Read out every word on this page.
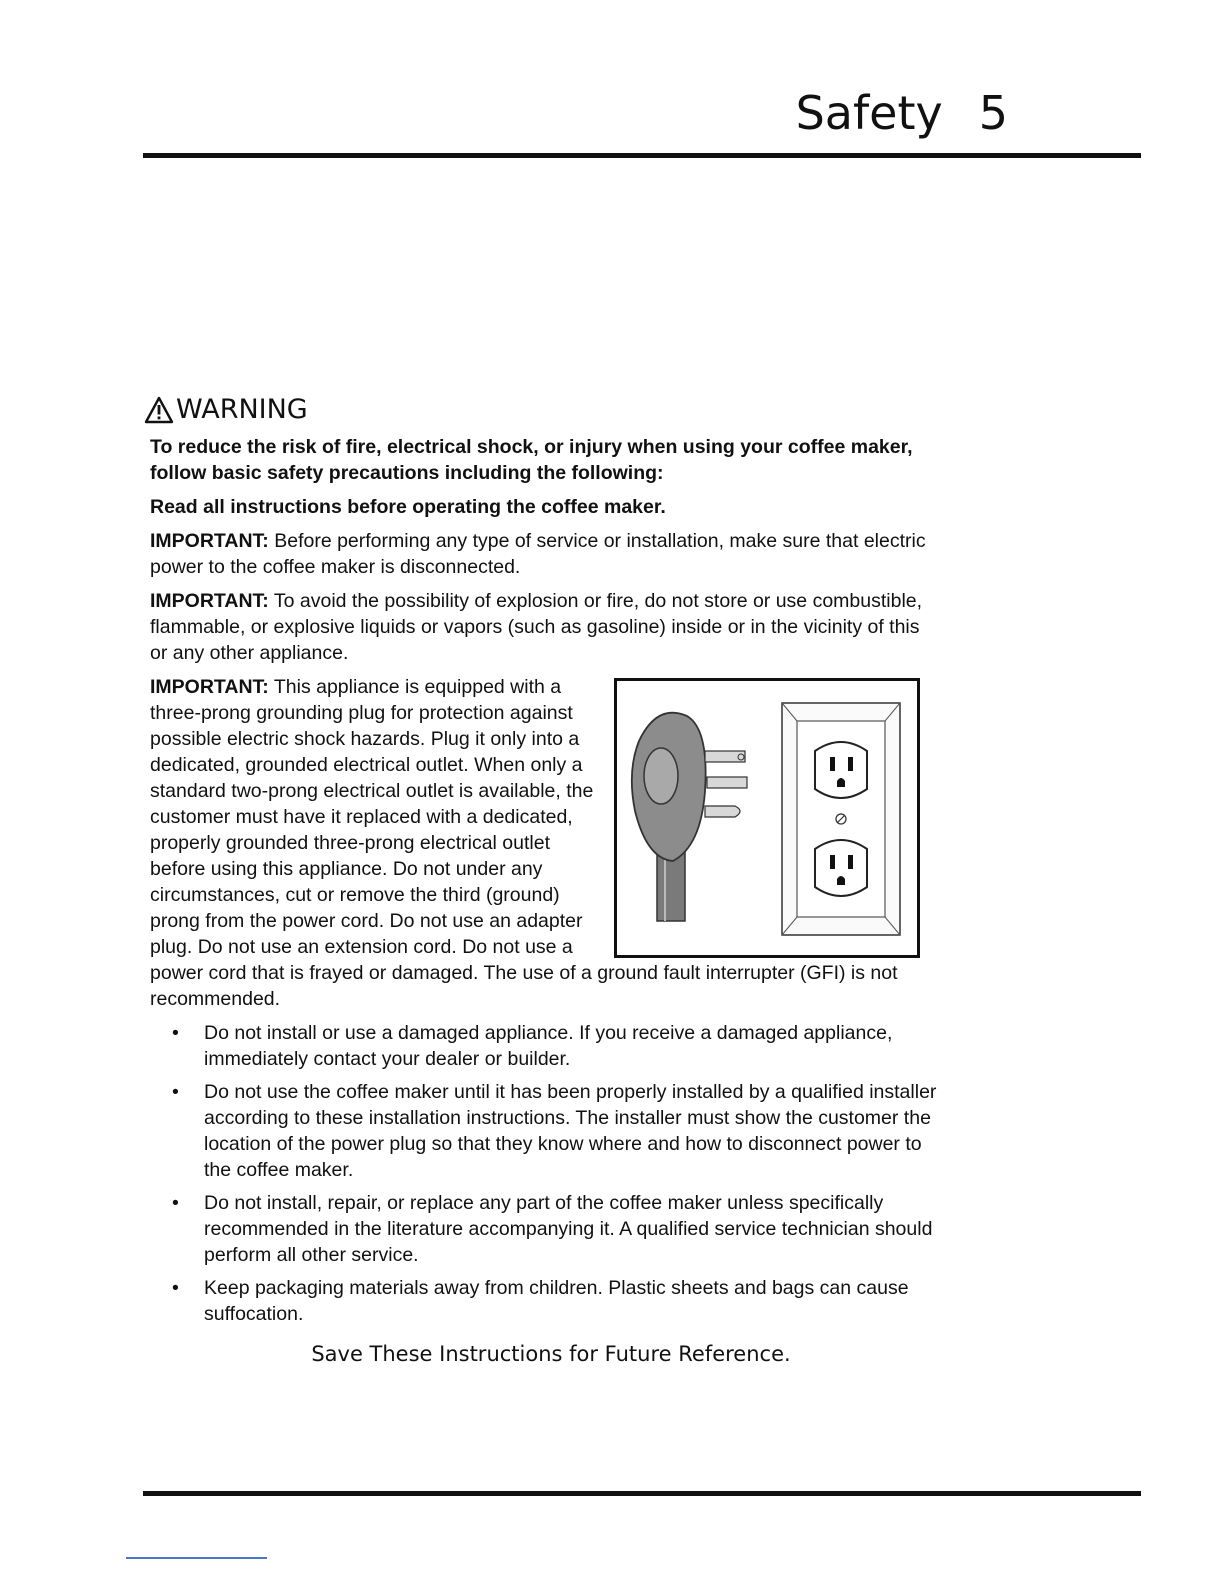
Safety 5
WARNING

To reduce the risk of fire, electrical shock, or injury when using your coffee maker, follow basic safety precautions including the following:

Read all instructions before operating the coffee maker.

IMPORTANT: Before performing any type of service or installation, make sure that electric power to the coffee maker is disconnected.

IMPORTANT: To avoid the possibility of explosion or fire, do not store or use combustible, flammable, or explosive liquids or vapors (such as gasoline) inside or in the vicinity of this or any other appliance.

IMPORTANT: This appliance is equipped with a three-prong grounding plug for protection against possible electric shock hazards. Plug it only into a dedicated, grounded electrical outlet. When only a standard two-prong electrical outlet is available, the customer must have it replaced with a dedicated, properly grounded three-prong electrical outlet before using this appliance. Do not under any circumstances, cut or remove the third (ground) prong from the power cord. Do not use an adapter plug. Do not use an extension cord. Do not use a power cord that is frayed or damaged. The use of a ground fault interrupter (GFI) is not recommended.

• Do not install or use a damaged appliance. If you receive a damaged appliance, immediately contact your dealer or builder.
• Do not use the coffee maker until it has been properly installed by a qualified installer according to these installation instructions. The installer must show the customer the location of the power plug so that they know where and how to disconnect power to the coffee maker.
• Do not install, repair, or replace any part of the coffee maker unless specifically recommended in the literature accompanying it. A qualified service technician should perform all other service.
• Keep packaging materials away from children. Plastic sheets and bags can cause suffocation.
Save These Instructions for Future Reference.
